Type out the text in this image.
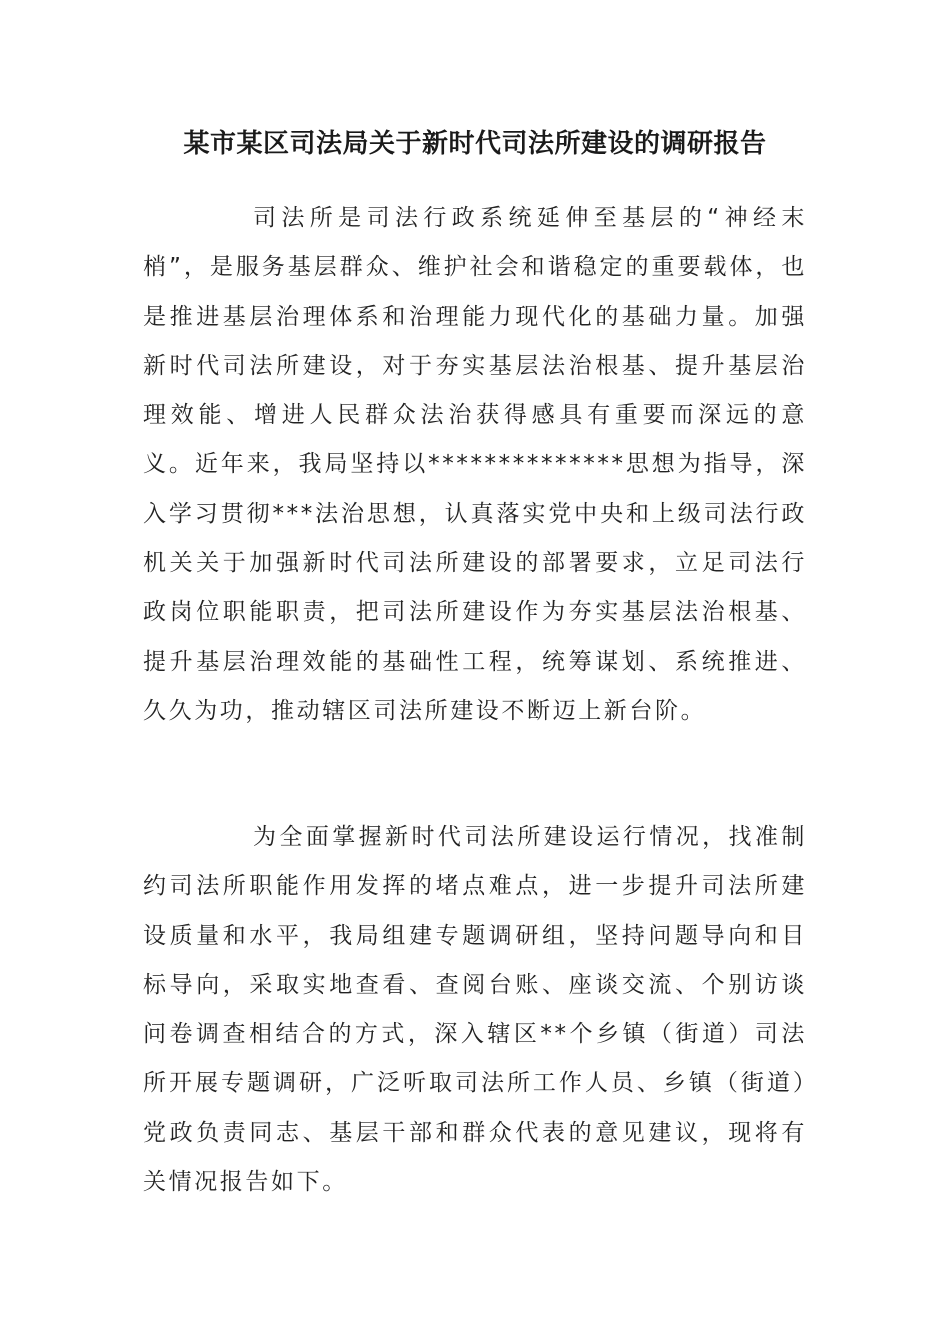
某市某区司法局关于新时代司法所建设的调研报告

司法所是司法行政系统延伸至基层的“神经末梢”，是服务基层群众、维护社会和谐稳定的重要载体，也是推进基层治理体系和治理能力现代化的基础力量。加强新时代司法所建设，对于夯实基层法治根基、提升基层治理效能、增进人民群众法治获得感具有重要而深远的意义。近年来，我局坚持以**************思想为指导，深入学习贯彻***法治思想，认真落实党中央和上级司法行政机关关于加强新时代司法所建设的部署要求，立足司法行政岗位职能职责，把司法所建设作为夯实基层法治根基、提升基层治理效能的基础性工程，统筹谋划、系统推进、久久为功，推动辖区司法所建设不断迈上新台阶。

为全面掌握新时代司法所建设运行情况，找准制约司法所职能作用发挥的堵点难点，进一步提升司法所建设质量和水平，我局组建专题调研组，坚持问题导向和目标导向，采取实地查看、查阅台账、座谈交流、个别访谈问卷调查相结合的方式，深入辖区**个乡镇（街道）司法所开展专题调研，广泛听取司法所工作人员、乡镇（街道）党政负责同志、基层干部和群众代表的意见建议，现将有关情况报告如下。
